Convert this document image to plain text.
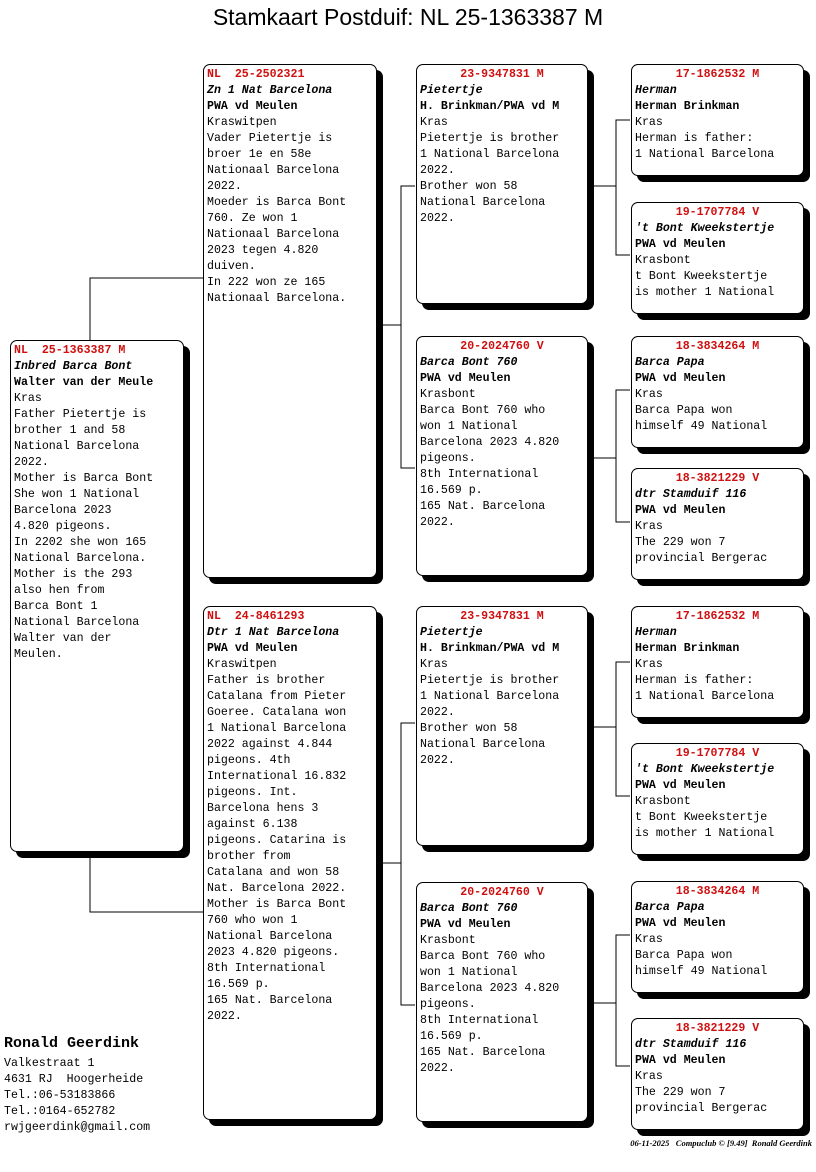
Stamkaart Postduif: NL 25-1363387 M
NL  25-1363387 M
Inbred Barca Bont
Walter van der Meule
Kras
Father Pietertje is
brother 1 and 58
National Barcelona
2022.
Mother is Barca Bont
She won 1 National
Barcelona 2023
4.820 pigeons.
In 2202 she won 165
National Barcelona.
Mother is the 293
also hen from
Barca Bont 1
National Barcelona
Walter van der
Meulen.
NL  25-2502321
Zn 1 Nat Barcelona
PWA vd Meulen
Kraswitpen
Vader Pietertje is
broer 1e en 58e
Nationaal Barcelona
2022.
Moeder is Barca Bont
760. Ze won 1
Nationaal Barcelona
2023 tegen 4.820
duiven.
In 222 won ze 165
Nationaal Barcelona.
NL  24-8461293
Dtr 1 Nat Barcelona
PWA vd Meulen
Kraswitpen
Father is brother
Catalana from Pieter
Goeree. Catalana won
1 National Barcelona
2022 against 4.844
pigeons. 4th
International 16.832
pigeons. Int.
Barcelona hens 3
against 6.138
pigeons. Catarina is
brother from
Catalana and won 58
Nat. Barcelona 2022.
Mother is Barca Bont
760 who won 1
National Barcelona
2023 4.820 pigeons.
8th International
16.569 p.
165 Nat. Barcelona
2022.
23-9347831 M
Pietertje
H. Brinkman/PWA vd M
Kras
Pietertje is brother
1 National Barcelona
2022.
Brother won 58
National Barcelona
2022.
20-2024760 V
Barca Bont 760
PWA vd Meulen
Krasbont
Barca Bont 760 who
won 1 National
Barcelona 2023 4.820
pigeons.
8th International
16.569 p.
165 Nat. Barcelona
2022.
23-9347831 M
Pietertje
H. Brinkman/PWA vd M
Kras
Pietertje is brother
1 National Barcelona
2022.
Brother won 58
National Barcelona
2022.
20-2024760 V
Barca Bont 760
PWA vd Meulen
Krasbont
Barca Bont 760 who
won 1 National
Barcelona 2023 4.820
pigeons.
8th International
16.569 p.
165 Nat. Barcelona
2022.
17-1862532 M
Herman
Herman Brinkman
Kras
Herman is father:
1 National Barcelona
19-1707784 V
't Bont Kweekstertje
PWA vd Meulen
Krasbont
t Bont Kweekstertje
is mother 1 National
18-3834264 M
Barca Papa
PWA vd Meulen
Kras
Barca Papa won
himself 49 National
18-3821229 V
dtr Stamduif 116
PWA vd Meulen
Kras
The 229 won 7
provincial Bergerac
17-1862532 M
Herman
Herman Brinkman
Kras
Herman is father:
1 National Barcelona
19-1707784 V
't Bont Kweekstertje
PWA vd Meulen
Krasbont
t Bont Kweekstertje
is mother 1 National
18-3834264 M
Barca Papa
PWA vd Meulen
Kras
Barca Papa won
himself 49 National
18-3821229 V
dtr Stamduif 116
PWA vd Meulen
Kras
The 229 won 7
provincial Bergerac
Ronald Geerdink
Valkestraat 1
4631 RJ  Hoogerheide
Tel.:06-53183866
Tel.:0164-652782
rwjgeerdink@gmail.com
06-11-2025   Compuclub © [9.49]  Ronald Geerdink
